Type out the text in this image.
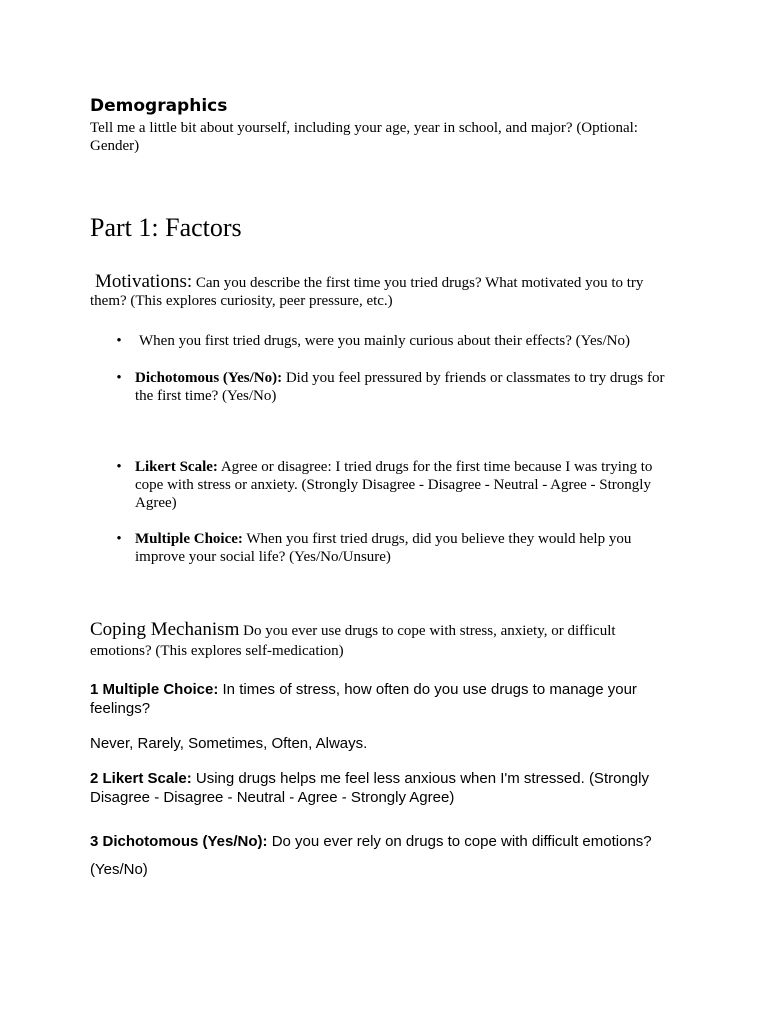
Demographics
Tell me a little bit about yourself, including your age, year in school, and major? (Optional: Gender)
Part 1: Factors
Motivations: Can you describe the first time you tried drugs? What motivated you to try them? (This explores curiosity, peer pressure, etc.)
• When you first tried drugs, were you mainly curious about their effects? (Yes/No)
• Dichotomous (Yes/No): Did you feel pressured by friends or classmates to try drugs for the first time? (Yes/No)
• Likert Scale: Agree or disagree: I tried drugs for the first time because I was trying to cope with stress or anxiety. (Strongly Disagree - Disagree - Neutral - Agree - Strongly Agree)
• Multiple Choice: When you first tried drugs, did you believe they would help you improve your social life? (Yes/No/Unsure)
Coping Mechanism Do you ever use drugs to cope with stress, anxiety, or difficult emotions? (This explores self-medication)
1 Multiple Choice: In times of stress, how often do you use drugs to manage your feelings?
Never, Rarely, Sometimes, Often, Always.
2 Likert Scale: Using drugs helps me feel less anxious when I'm stressed. (Strongly Disagree - Disagree - Neutral - Agree - Strongly Agree)
3 Dichotomous (Yes/No): Do you ever rely on drugs to cope with difficult emotions?
(Yes/No)
